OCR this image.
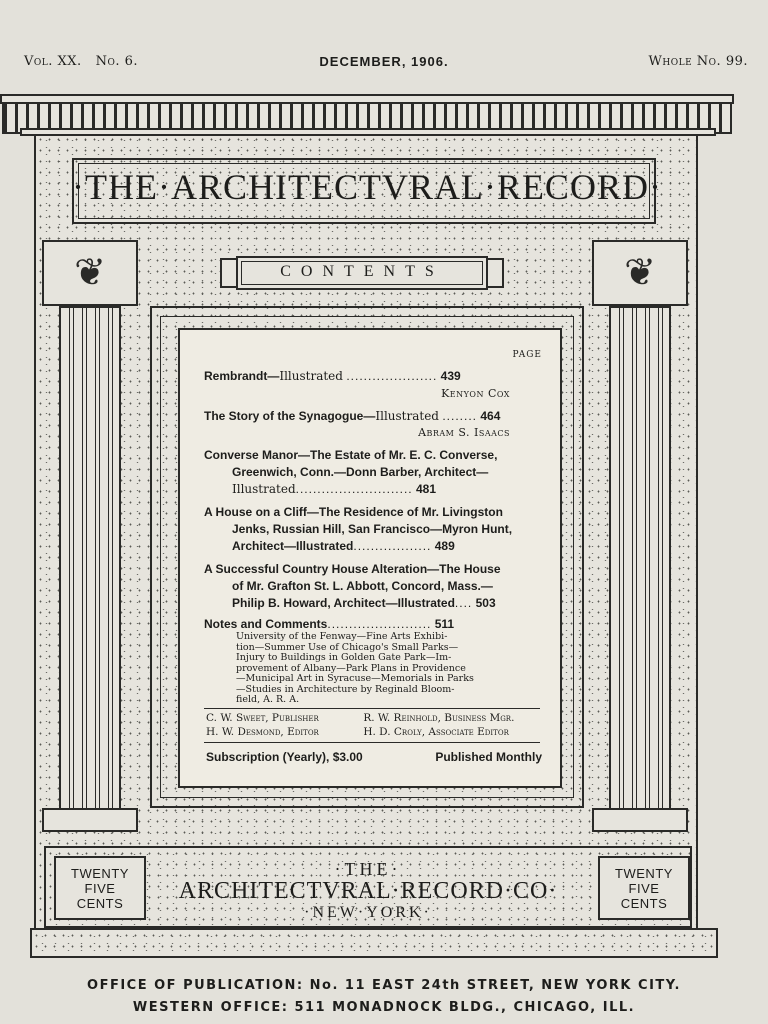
Vol. XX. No. 6.	DECEMBER, 1906.	Whole No. 99.
·THE·ARCHITECTVRAL·RECORD·
❦	❦
CONTENTS
PAGE
Rembrandt—Illustrated ..................... 439
Kenyon Cox
The Story of the Synagogue—Illustrated ........ 464
Abram S. Isaacs
Converse Manor—The Estate of Mr. E. C. Converse,
Greenwich, Conn.—Donn Barber, Architect—
Illustrated........................... 481
A House on a Cliff—The Residence of Mr. Livingston
Jenks, Russian Hill, San Francisco—Myron Hunt,
Architect—Illustrated.................. 489
A Successful Country House Alteration—The House
of Mr. Grafton St. L. Abbott, Concord, Mass.—
Philip B. Howard, Architect—Illustrated.... 503
Notes and Comments........................ 511
University of the Fenway—Fine Arts Exhibi-
tion—Summer Use of Chicago's Small Parks—
Injury to Buildings in Golden Gate Park—Im-
provement of Albany—Park Plans in Providence
—Municipal Art in Syracuse—Memorials in Parks
—Studies in Architecture by Reginald Bloom-
field, A. R. A.
C. W. Sweet, Publisher	R. W. Reinhold, Business Mgr.
H. W. Desmond, Editor	H. D. Croly, Associate Editor
Subscription (Yearly), $3.00	Published Monthly
TWENTY
FIVE
CENTS
TWENTY
FIVE
CENTS
·THE·
ARCHITECTVRAL·RECORD·CO·
·NEW·YORK·
OFFICE OF PUBLICATION: No. 11 EAST 24th STREET, NEW YORK CITY.
WESTERN OFFICE: 511 MONADNOCK BLDG., CHICAGO, ILL.
